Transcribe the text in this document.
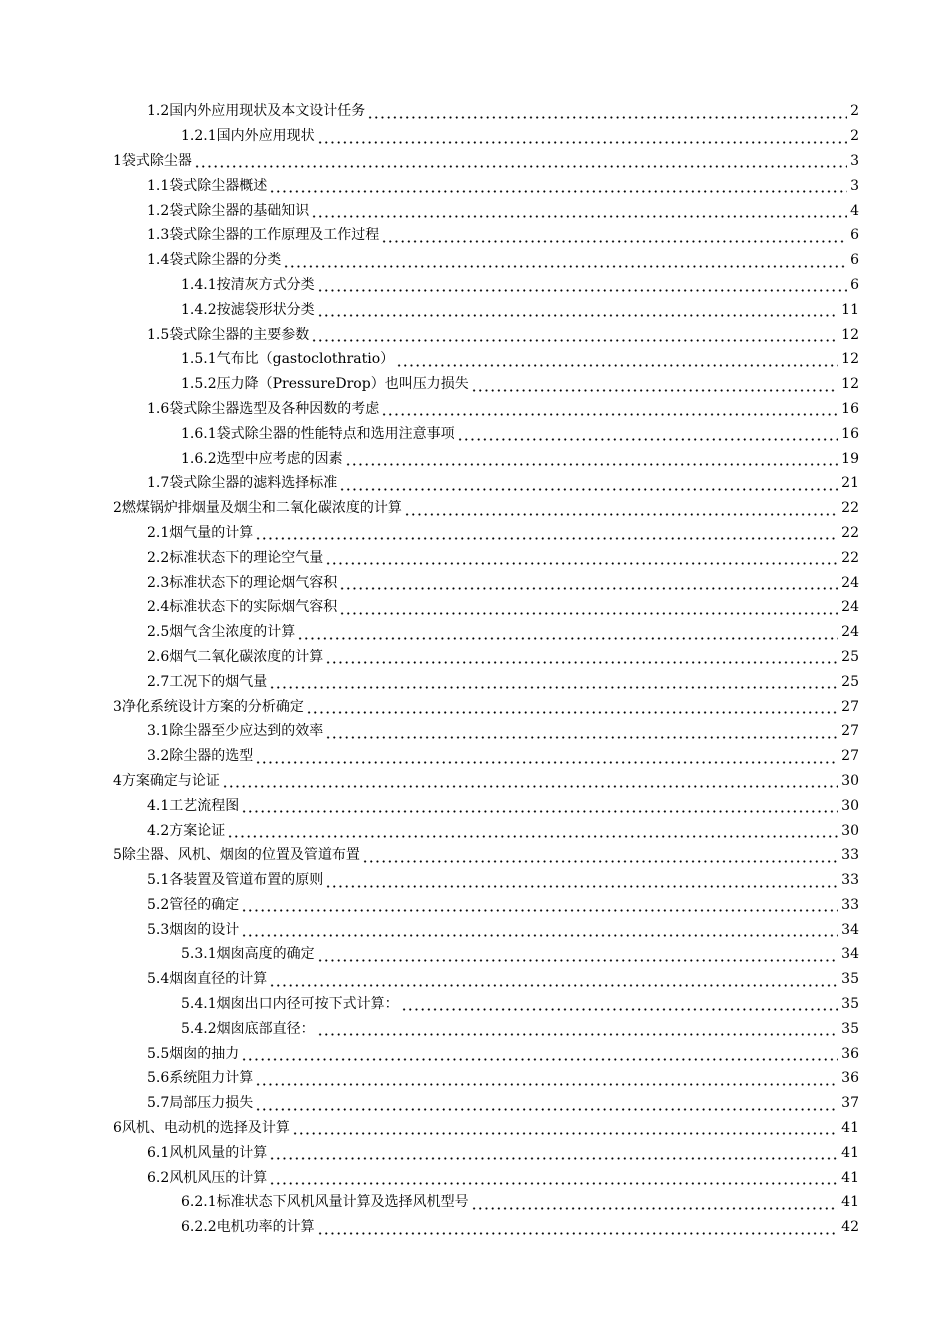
1.2 国内外应用现状及本文设计任务	2
1.2.1 国内外应用现状	2
1 袋式除尘器	3
1.1 袋式除尘器概述	3
1.2 袋式除尘器的基础知识	4
1.3 袋式除尘器的工作原理及工作过程	6
1.4 袋式除尘器的分类	6
1.4.1 按清灰方式分类	6
1.4.2 按滤袋形状分类	11
1.5 袋式除尘器的主要参数	12
1.5.1 气布比（gastoclothratio）	12
1.5.2 压力降（PressureDrop）也叫压力损失	12
1.6 袋式除尘器选型及各种因数的考虑	16
1.6.1 袋式除尘器的性能特点和选用注意事项	16
1.6.2 选型中应考虑的因素	19
1.7 袋式除尘器的滤料选择标准	21
2 燃煤锅炉排烟量及烟尘和二氧化碳浓度的计算	22
2.1 烟气量的计算	22
2.2 标准状态下的理论空气量	22
2.3 标准状态下的理论烟气容积	24
2.4 标准状态下的实际烟气容积	24
2.5 烟气含尘浓度的计算	24
2.6 烟气二氧化碳浓度的计算	25
2.7 工况下的烟气量	25
3 净化系统设计方案的分析确定	27
3.1 除尘器至少应达到的效率	27
3.2 除尘器的选型	27
4 方案确定与论证	30
4.1 工艺流程图	30
4.2 方案论证	30
5 除尘器、风机、烟囱的位置及管道布置	33
5.1 各装置及管道布置的原则	33
5.2 管径的确定	33
5.3 烟囱的设计	34
5.3.1 烟囱高度的确定	34
5.4 烟囱直径的计算	35
5.4.1 烟囱出口内径可按下式计算：	35
5.4.2 烟囱底部直径：	35
5.5 烟囱的抽力	36
5.6 系统阻力计算	36
5.7 局部压力损失	37
6 风机、电动机的选择及计算	41
6.1 风机风量的计算	41
6.2 风机风压的计算	41
6.2.1 标准状态下风机风量计算及选择风机型号	41
6.2.2 电机功率的计算	42
